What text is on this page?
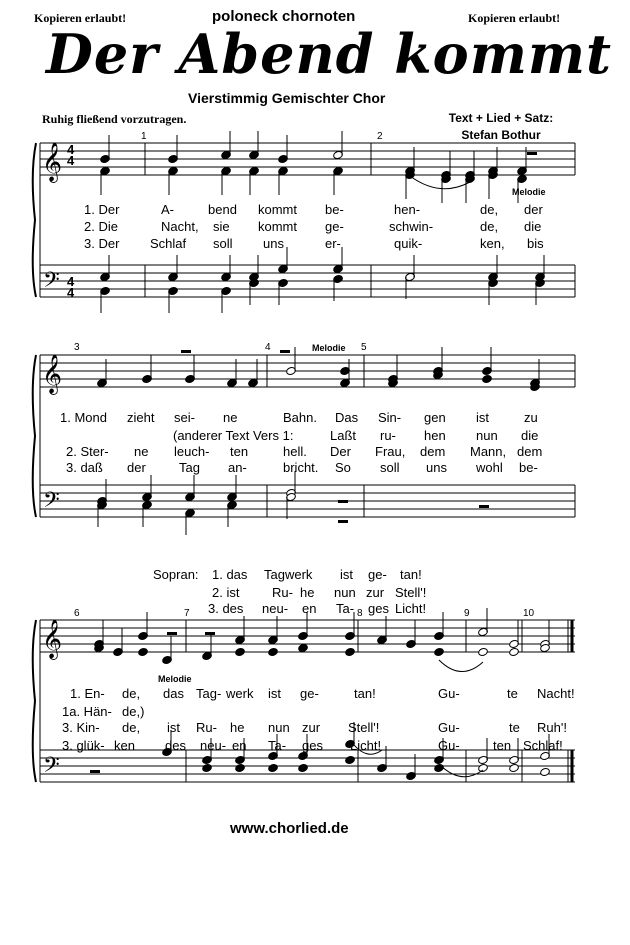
Kopieren erlaubt!	poloneck chornoten	Kopieren erlaubt!
Der Abend kommt
Vierstimmig Gemischter Chor
Ruhig fließend vorzutragen.	Text + Lied + Satz:
Stefan Bothur
𝄞
𝄢
𝄞
𝄢
𝄞
𝄢
1	2
3	4	5
6	7	8	9	10
4
4
4
4
Melodie
Melodie
Melodie
1. Der	A-	bend kommt be-	hen-	de, der
2. Die	Nacht, sie kommt ge-	schwin-	de, die
3. Der Schlaf soll uns	er-	quik-	ken, bis
1. Mond zieht sei- ne	Bahn. Das Sin- gen ist	zu
(anderer Text Vers 1:	Laßt ru- hen nun die
2. Ster- ne leuch- ten	hell. Der Frau, dem Mann, dem
3. daß der	Tag an-	bricht. So soll uns wohl be-
Sopran: 1. das Tagwerk ist ge- tan!
2. ist	Ru- he nun zur Stell'!
3. des neu- en Ta- ges Licht!
1. En- de, das Tag- werk ist ge-	tan!	Gu-	te Nacht!
1a. Hän- de,)
3. Kin- de, ist Ru- he nun zur Stell'!	Gu-	te Ruh'!
3. glük- ken des neu- en Ta- ges Licht!	Gu-	ten Schlaf!
www.chorlied.de
